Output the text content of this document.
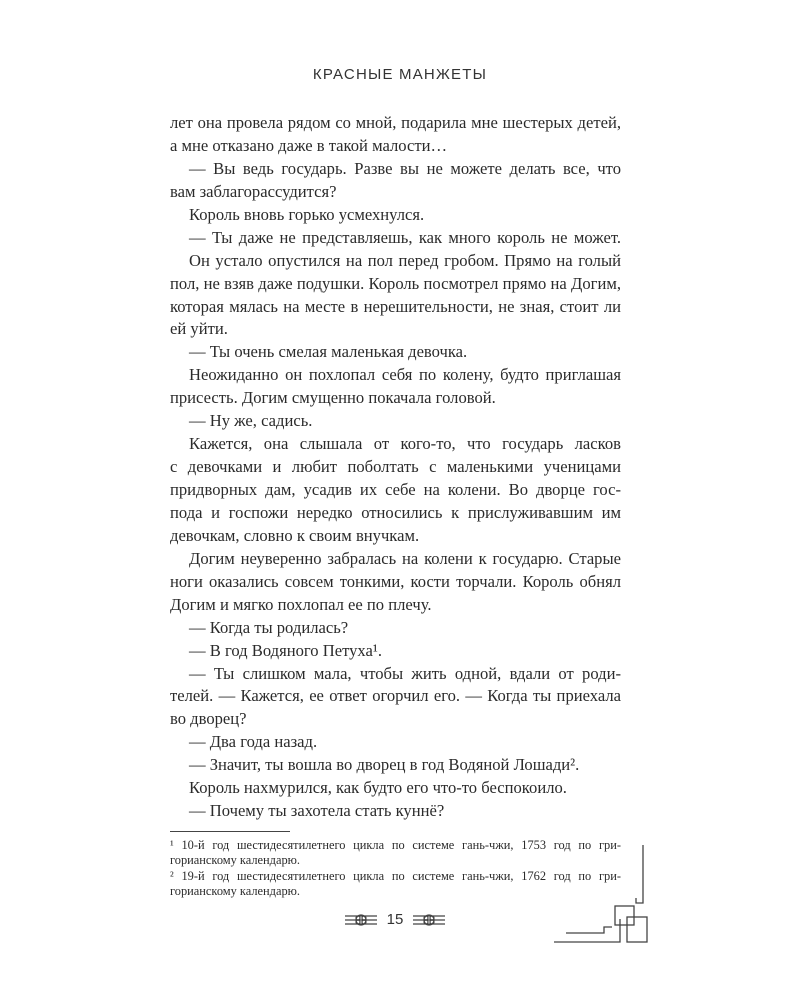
КРАСНЫЕ МАНЖЕТЫ
лет она провела рядом со мной, подарила мне шестерых детей,
а мне отказано даже в такой малости…
— Вы ведь государь. Разве вы не можете делать все, что
вам заблагорассудится?
Король вновь горько усмехнулся.
— Ты даже не представляешь, как много король не может.
Он устало опустился на пол перед гробом. Прямо на голый
пол, не взяв даже подушки. Король посмотрел прямо на Догим,
которая мялась на месте в нерешительности, не зная, стоит ли
ей уйти.
— Ты очень смелая маленькая девочка.
Неожиданно он похлопал себя по колену, будто приглашая
присесть. Догим смущенно покачала головой.
— Ну же, садись.
Кажется, она слышала от кого-то, что государь ласков
с девочками и любит поболтать с маленькими ученицами
придворных дам, усадив их себе на колени. Во дворце гос-
пода и госпожи нередко относились к прислуживавшим им
девочкам, словно к своим внучкам.
Догим неуверенно забралась на колени к государю. Старые
ноги оказались совсем тонкими, кости торчали. Король обнял
Догим и мягко похлопал ее по плечу.
— Когда ты родилась?
— В год Водяного Петуха¹.
— Ты слишком мала, чтобы жить одной, вдали от роди-
телей. — Кажется, ее ответ огорчил его. — Когда ты приехала
во дворец?
— Два года назад.
— Значит, ты вошла во дворец в год Водяной Лошади².
Король нахмурился, как будто его что-то беспокоило.
— Почему ты захотела стать куннё?
¹ 10-й год шестидесятилетнего цикла по системе гань-чжи, 1753 год по гри-
горианскому календарю.
² 19-й год шестидесятилетнего цикла по системе гань-чжи, 1762 год по гри-
горианскому календарю.
15
